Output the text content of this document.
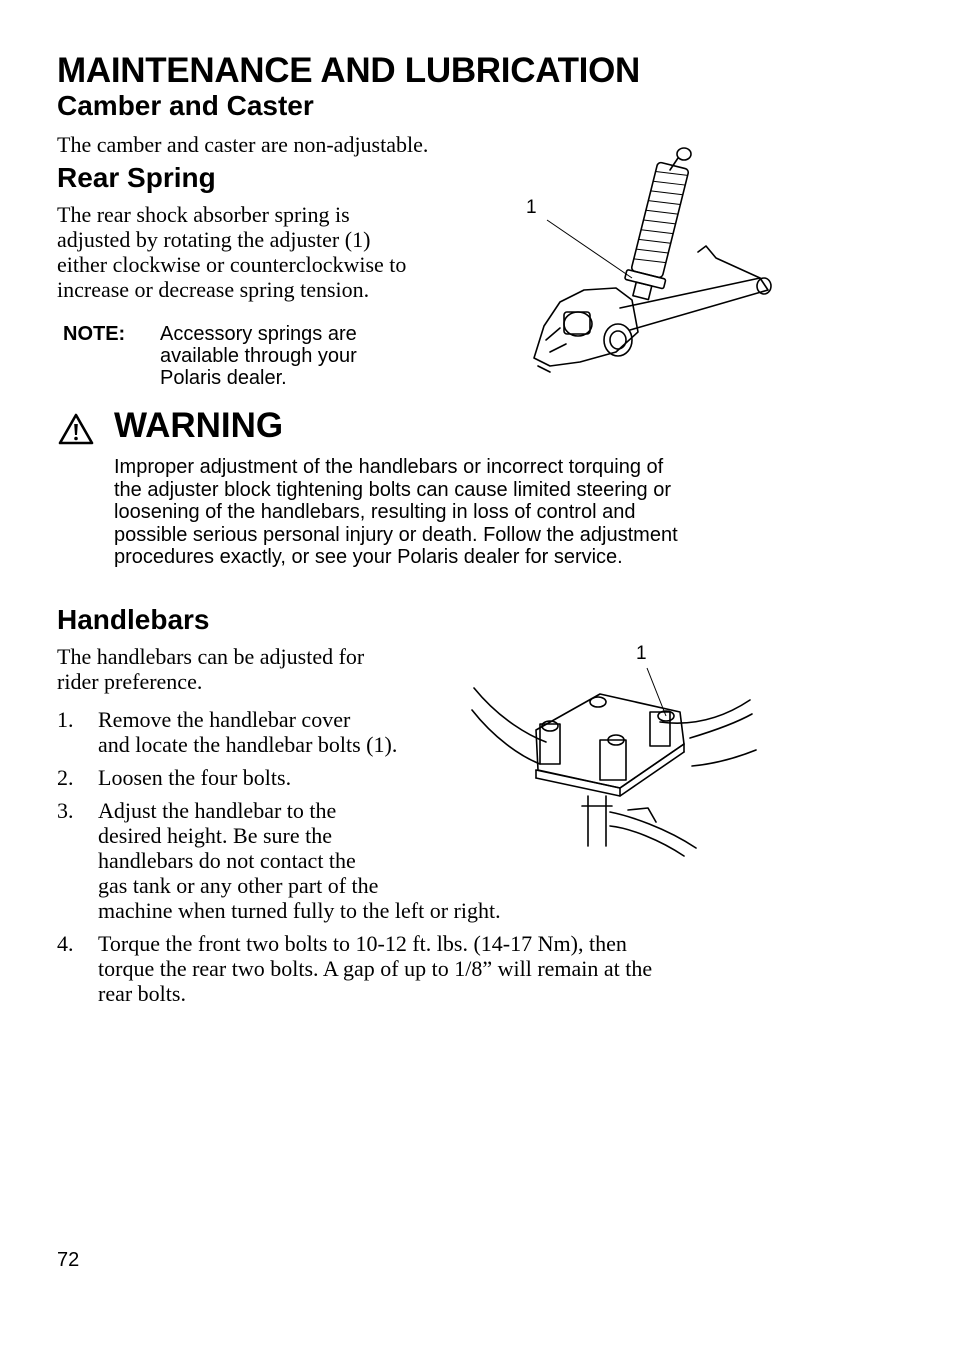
MAINTENANCE AND LUBRICATION
Camber and Caster
The camber and caster are non-adjustable.
Rear Spring
The rear shock absorber spring is
adjusted by rotating the adjuster (1)
either clockwise or counterclockwise to
increase or decrease spring tension.
NOTE: Accessory springs are
available through your
Polaris dealer.
1
WARNING
Improper adjustment of the handlebars or incorrect torquing of
the adjuster block tightening bolts can cause limited steering or
loosening of the handlebars, resulting in loss of control and
possible serious personal injury or death. Follow the adjustment
procedures exactly, or see your Polaris dealer for service.
Handlebars
The handlebars can be adjusted for
rider preference.
1. Remove the handlebar cover
and locate the handlebar bolts (1).
2. Loosen the four bolts.
3. Adjust the handlebar to the
desired height. Be sure the
handlebars do not contact the
gas tank or any other part of the
machine when turned fully to the left or right.
4. Torque the front two bolts to 10-12 ft. lbs. (14-17 Nm), then
torque the rear two bolts. A gap of up to 1/8” will remain at the
rear bolts.
1
72
